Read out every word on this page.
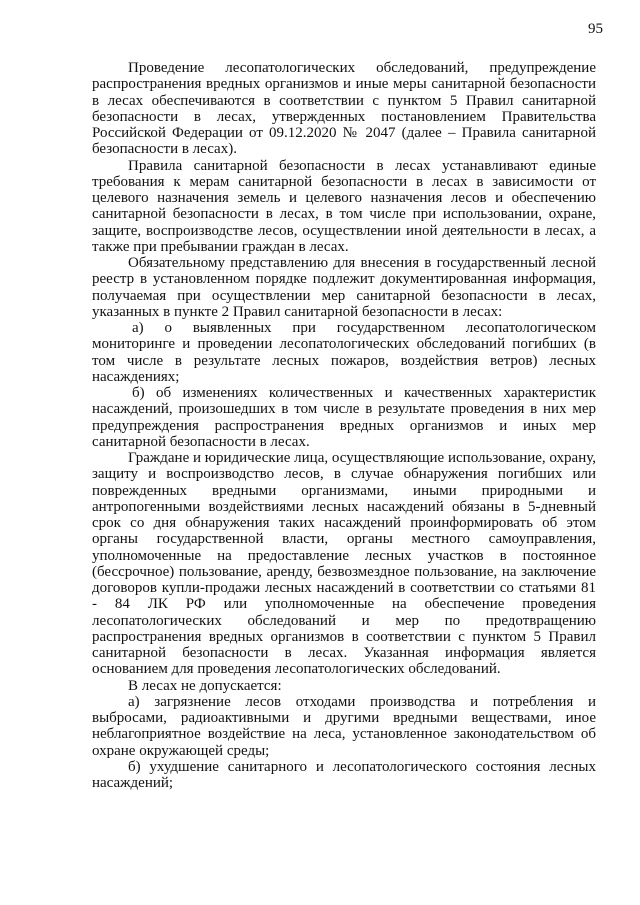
95

Проведение лесопатологических обследований, предупреждение распространения вредных организмов и иные меры санитарной безопасности в лесах обеспечиваются в соответствии с пунктом 5 Правил санитарной безопасности в лесах, утвержденных постановлением Правительства Российской Федерации от 09.12.2020 № 2047 (далее – Правила санитарной безопасности в лесах).

Правила санитарной безопасности в лесах устанавливают единые требования к мерам санитарной безопасности в лесах в зависимости от целевого назначения земель и целевого назначения лесов и обеспечению санитарной безопасности в лесах, в том числе при использовании, охране, защите, воспроизводстве лесов, осуществлении иной деятельности в лесах, а также при пребывании граждан в лесах.

Обязательному представлению для внесения в государственный лесной реестр в установленном порядке подлежит документированная информация, получаемая при осуществлении мер санитарной безопасности в лесах, указанных в пункте 2 Правил санитарной безопасности в лесах:

а) о выявленных при государственном лесопатологическом мониторинге и проведении лесопатологических обследований погибших (в том числе в результате лесных пожаров, воздействия ветров) лесных насаждениях;

б) об изменениях количественных и качественных характеристик насаждений, произошедших в том числе в результате проведения в них мер предупреждения распространения вредных организмов и иных мер санитарной безопасности в лесах.

Граждане и юридические лица, осуществляющие использование, охрану, защиту и воспроизводство лесов, в случае обнаружения погибших или поврежденных вредными организмами, иными природными и антропогенными воздействиями лесных насаждений обязаны в 5-дневный срок со дня обнаружения таких насаждений проинформировать об этом органы государственной власти, органы местного самоуправления, уполномоченные на предоставление лесных участков в постоянное (бессрочное) пользование, аренду, безвозмездное пользование, на заключение договоров купли-продажи лесных насаждений в соответствии со статьями 81 - 84 ЛК РФ или уполномоченные на обеспечение проведения лесопатологических обследований и мер по предотвращению распространения вредных организмов в соответствии с пунктом 5 Правил санитарной безопасности в лесах. Указанная информация является основанием для проведения лесопатологических обследований.

В лесах не допускается:

а) загрязнение лесов отходами производства и потребления и выбросами, радиоактивными и другими вредными веществами, иное неблагоприятное воздействие на леса, установленное законодательством об охране окружающей среды;

б) ухудшение санитарного и лесопатологического состояния лесных насаждений;
